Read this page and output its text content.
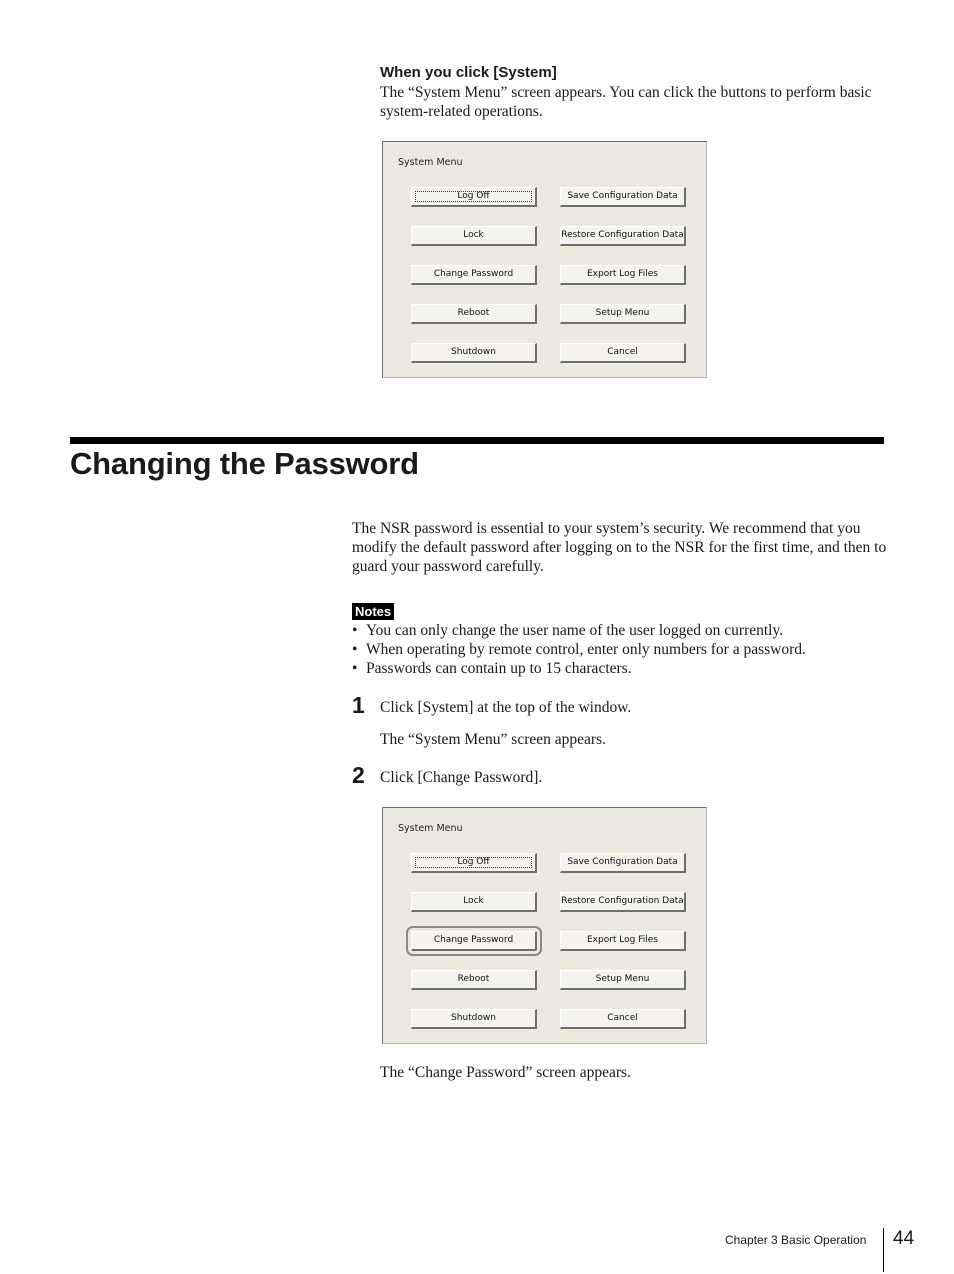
When you click [System]
The “System Menu” screen appears. You can click the buttons to perform basic system-related operations.
System Menu
Log Off
Lock
Change Password
Reboot
Shutdown
Save Configuration Data
Restore Configuration Data
Export Log Files
Setup Menu
Cancel
Changing the Password
The NSR password is essential to your system’s security. We recommend that you modify the default password after logging on to the NSR for the first time, and then to guard your password carefully.
Notes
• You can only change the user name of the user logged on currently.
• When operating by remote control, enter only numbers for a password.
• Passwords can contain up to 15 characters.
1 Click [System] at the top of the window.
The “System Menu” screen appears.
2 Click [Change Password].
System Menu
Log Off
Lock
Change Password
Reboot
Shutdown
Save Configuration Data
Restore Configuration Data
Export Log Files
Setup Menu
Cancel
The “Change Password” screen appears.
Chapter 3 Basic Operation 44
